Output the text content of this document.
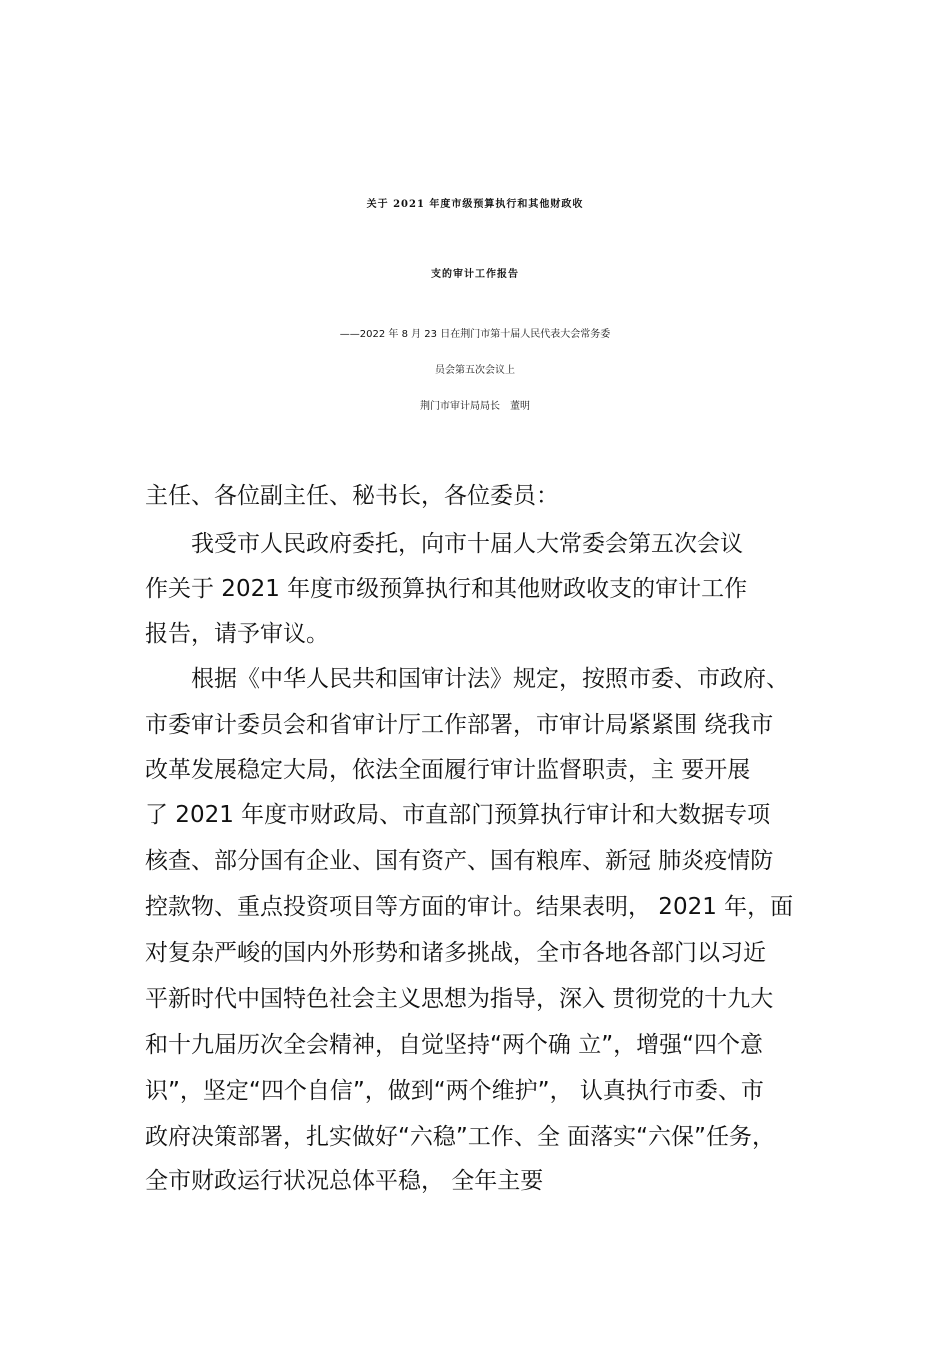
关于 2021 年度市级预算执行和其他财政收
支的审计工作报告
——2022 年 8 月 23 日在荆门市第十届人民代表大会常务委
员会第五次会议上
荆门市审计局局长　董明
主任、各位副主任、秘书长，各位委员：
　　我受市人民政府委托，向市十届人大常委会第五次会议
作关于 2021 年度市级预算执行和其他财政收支的审计工作
报告，请予审议。
　　根据《中华人民共和国审计法》规定，按照市委、市政府、
市委审计委员会和省审计厅工作部署，市审计局紧紧围 绕我市
改革发展稳定大局，依法全面履行审计监督职责，主 要开展
了 2021 年度市财政局、市直部门预算执行审计和大数据专项
核查、部分国有企业、国有资产、国有粮库、新冠 肺炎疫情防
控款物、重点投资项目等方面的审计。结果表明， 2021 年，面
对复杂严峻的国内外形势和诸多挑战，全市各地各部门以习近
平新时代中国特色社会主义思想为指导，深入 贯彻党的十九大
和十九届历次全会精神，自觉坚持“两个确 立”，增强“四个意
识”，坚定“四个自信”，做到“两个维护”， 认真执行市委、市
政府决策部署，扎实做好“六稳”工作、全 面落实“六保”任务，
全市财政运行状况总体平稳， 全年主要
